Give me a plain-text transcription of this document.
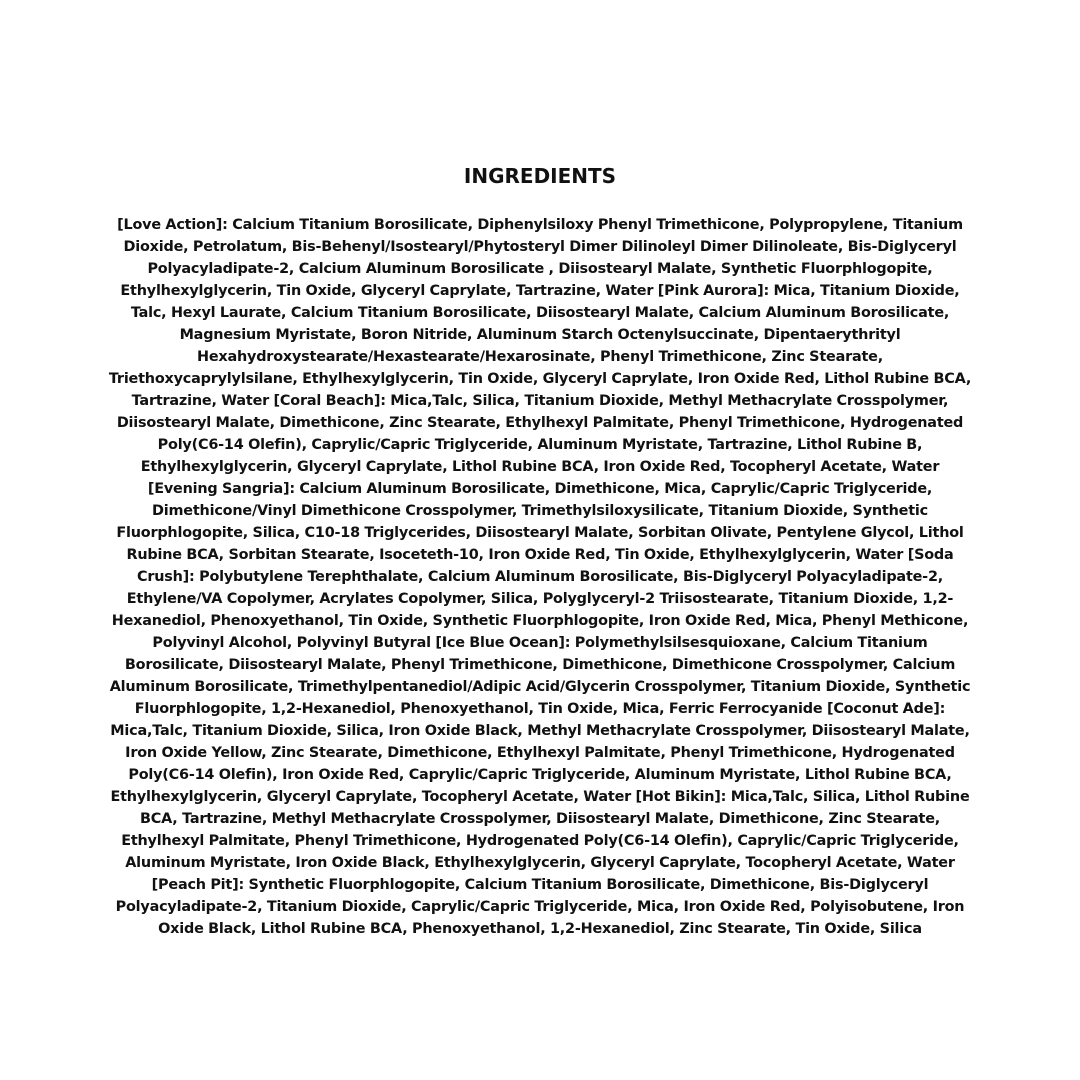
INGREDIENTS

[Love Action]: Calcium Titanium Borosilicate, Diphenylsiloxy Phenyl Trimethicone, Polypropylene, Titanium Dioxide, Petrolatum, Bis-Behenyl/Isostearyl/Phytosteryl Dimer Dilinoleyl Dimer Dilinoleate, Bis-Diglyceryl Polyacyladipate-2, Calcium Aluminum Borosilicate , Diisostearyl Malate, Synthetic Fluorphlogopite, Ethylhexylglycerin, Tin Oxide, Glyceryl Caprylate, Tartrazine, Water [Pink Aurora]: Mica, Titanium Dioxide, Talc, Hexyl Laurate, Calcium Titanium Borosilicate, Diisostearyl Malate, Calcium Aluminum Borosilicate, Magnesium Myristate, Boron Nitride, Aluminum Starch Octenylsuccinate, Dipentaerythrityl Hexahydroxystearate/Hexastearate/Hexarosinate, Phenyl Trimethicone, Zinc Stearate, Triethoxycaprylylsilane, Ethylhexylglycerin, Tin Oxide, Glyceryl Caprylate, Iron Oxide Red, Lithol Rubine BCA, Tartrazine, Water [Coral Beach]: Mica,Talc, Silica, Titanium Dioxide, Methyl Methacrylate Crosspolymer, Diisostearyl Malate, Dimethicone, Zinc Stearate, Ethylhexyl Palmitate, Phenyl Trimethicone, Hydrogenated Poly(C6-14 Olefin), Caprylic/Capric Triglyceride, Aluminum Myristate, Tartrazine, Lithol Rubine B, Ethylhexylglycerin, Glyceryl Caprylate, Lithol Rubine BCA, Iron Oxide Red, Tocopheryl Acetate, Water [Evening Sangria]: Calcium Aluminum Borosilicate, Dimethicone, Mica, Caprylic/Capric Triglyceride, Dimethicone/Vinyl Dimethicone Crosspolymer, Trimethylsiloxysilicate, Titanium Dioxide, Synthetic Fluorphlogopite, Silica, C10-18 Triglycerides, Diisostearyl Malate, Sorbitan Olivate, Pentylene Glycol, Lithol Rubine BCA, Sorbitan Stearate, Isoceteth-10, Iron Oxide Red, Tin Oxide, Ethylhexylglycerin, Water [Soda Crush]: Polybutylene Terephthalate, Calcium Aluminum Borosilicate, Bis-Diglyceryl Polyacyladipate-2, Ethylene/VA Copolymer, Acrylates Copolymer, Silica, Polyglyceryl-2 Triisostearate, Titanium Dioxide, 1,2-Hexanediol, Phenoxyethanol, Tin Oxide, Synthetic Fluorphlogopite, Iron Oxide Red, Mica, Phenyl Methicone, Polyvinyl Alcohol, Polyvinyl Butyral [Ice Blue Ocean]: Polymethylsilsesquioxane, Calcium Titanium Borosilicate, Diisostearyl Malate, Phenyl Trimethicone, Dimethicone, Dimethicone Crosspolymer, Calcium Aluminum Borosilicate, Trimethylpentanediol/Adipic Acid/Glycerin Crosspolymer, Titanium Dioxide, Synthetic Fluorphlogopite, 1,2-Hexanediol, Phenoxyethanol, Tin Oxide, Mica, Ferric Ferrocyanide [Coconut Ade]: Mica,Talc, Titanium Dioxide, Silica, Iron Oxide Black, Methyl Methacrylate Crosspolymer, Diisostearyl Malate, Iron Oxide Yellow, Zinc Stearate, Dimethicone, Ethylhexyl Palmitate, Phenyl Trimethicone, Hydrogenated Poly(C6-14 Olefin), Iron Oxide Red, Caprylic/Capric Triglyceride, Aluminum Myristate, Lithol Rubine BCA, Ethylhexylglycerin, Glyceryl Caprylate, Tocopheryl Acetate, Water [Hot Bikin]: Mica,Talc, Silica, Lithol Rubine BCA, Tartrazine, Methyl Methacrylate Crosspolymer, Diisostearyl Malate, Dimethicone, Zinc Stearate, Ethylhexyl Palmitate, Phenyl Trimethicone, Hydrogenated Poly(C6-14 Olefin), Caprylic/Capric Triglyceride, Aluminum Myristate, Iron Oxide Black, Ethylhexylglycerin, Glyceryl Caprylate, Tocopheryl Acetate, Water [Peach Pit]: Synthetic Fluorphlogopite, Calcium Titanium Borosilicate, Dimethicone, Bis-Diglyceryl Polyacyladipate-2, Titanium Dioxide, Caprylic/Capric Triglyceride, Mica, Iron Oxide Red, Polyisobutene, Iron Oxide Black, Lithol Rubine BCA, Phenoxyethanol, 1,2-Hexanediol, Zinc Stearate, Tin Oxide, Silica
